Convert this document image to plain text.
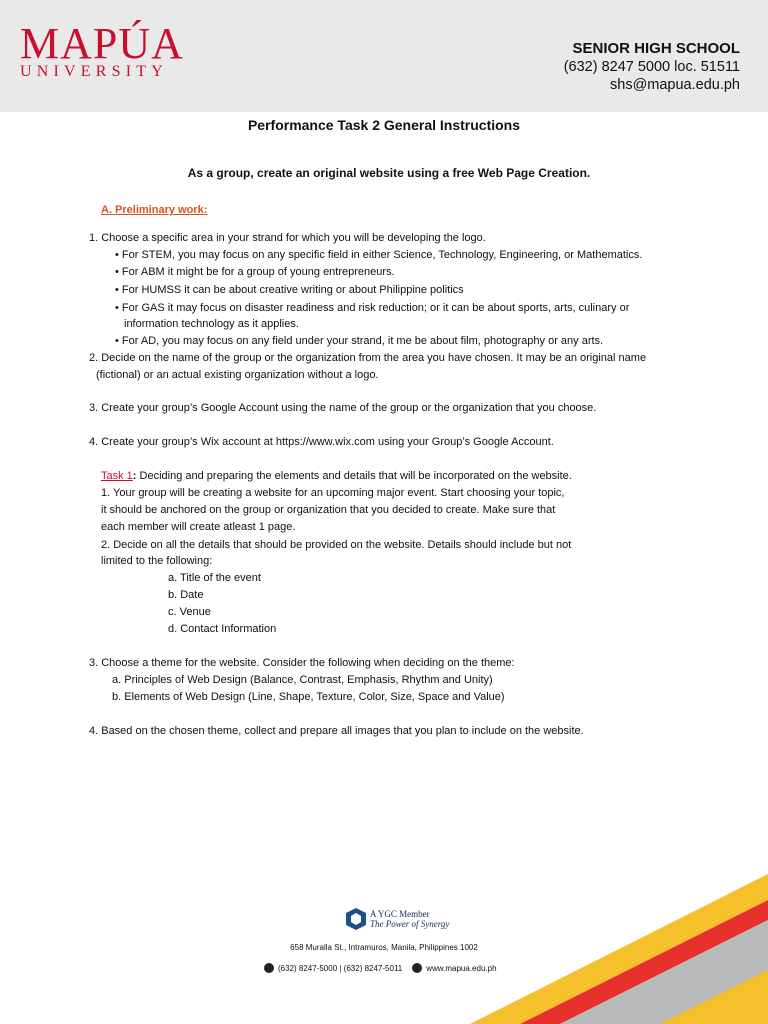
MAPÚA
UNIVERSITY
SENIOR HIGH SCHOOL
(632) 8247 5000 loc. 51511
shs@mapua.edu.ph
Performance Task 2 General Instructions
As a group, create an original website using a free Web Page Creation.
A. Preliminary work:
1. Choose a specific area in your strand for which you will be developing the logo.
• For STEM, you may focus on any specific field in either Science, Technology, Engineering, or Mathematics.
• For ABM it might be for a group of young entrepreneurs.
• For HUMSS it can be about creative writing or about Philippine politics
• For GAS it may focus on disaster readiness and risk reduction; or it can be about sports, arts, culinary or
information technology as it applies.
• For AD, you may focus on any field under your strand, it me be about film, photography or any arts.
2. Decide on the name of the group or the organization from the area you have chosen. It may be an original name
(fictional) or an actual existing organization without a logo.
3. Create your group’s Google Account using the name of the group or the organization that you choose.
4. Create your group’s Wix account at https://www.wix.com using your Group’s Google Account.
Task 1: Deciding and preparing the elements and details that will be incorporated on the website.
1. Your group will be creating a website for an upcoming major event. Start choosing your topic,
it should be anchored on the group or organization that you decided to create. Make sure that
each member will create atleast 1 page.
2. Decide on all the details that should be provided on the website. Details should include but not
limited to the following:
a. Title of the event
b. Date
c. Venue
d. Contact Information
3. Choose a theme for the website. Consider the following when deciding on the theme:
a. Principles of Web Design (Balance, Contrast, Emphasis, Rhythm and Unity)
b. Elements of Web Design (Line, Shape, Texture, Color, Size, Space and Value)
4. Based on the chosen theme, collect and prepare all images that you plan to include on the website.
A YGC Member
The Power of Synergy
658 Muralla St., Intramuros, Manila, Philippines 1002
(632) 8247-5000 | (632) 8247-5011	www.mapua.edu.ph
